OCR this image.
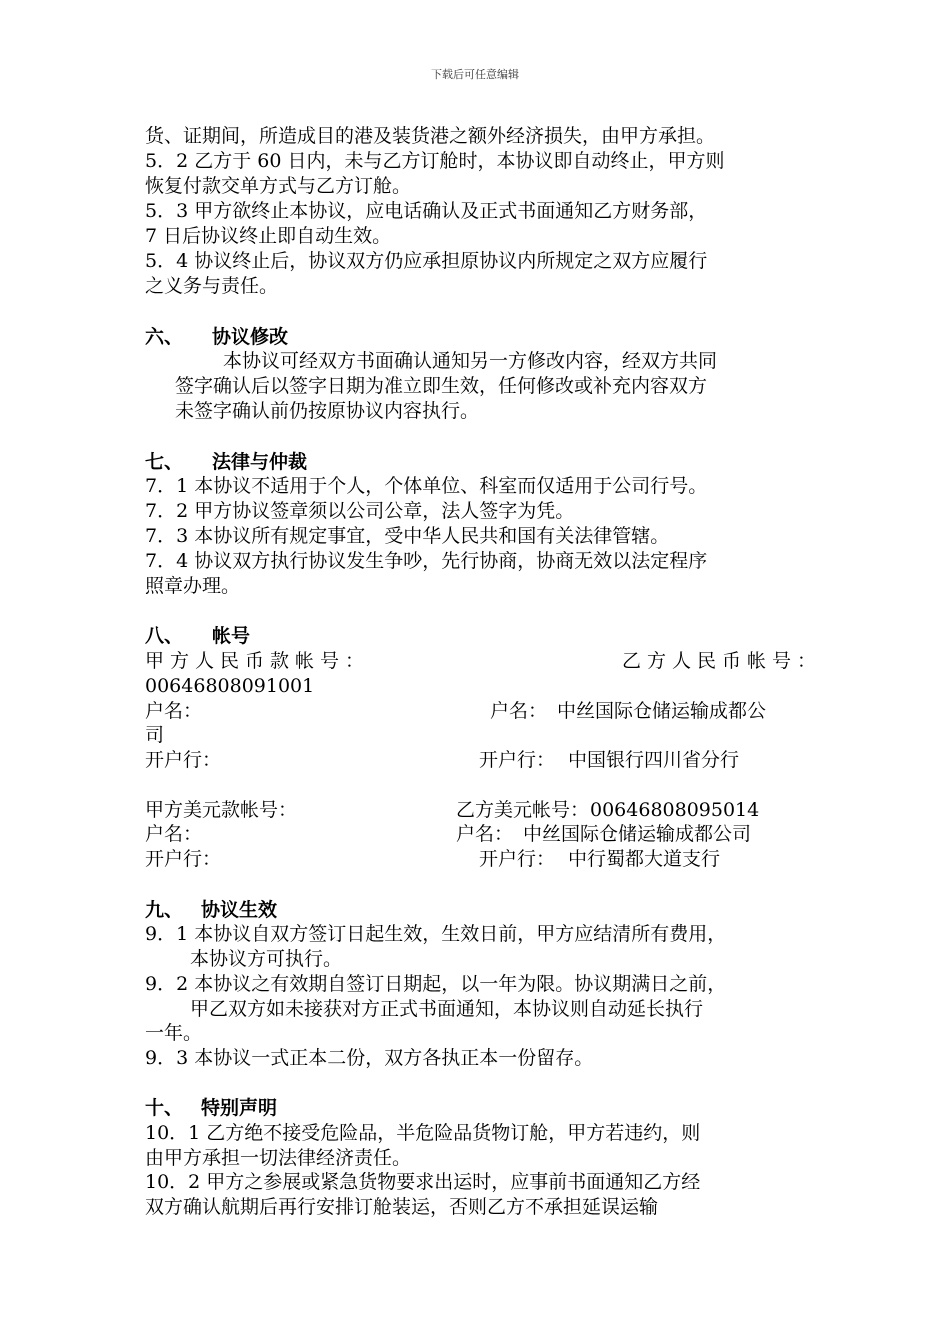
下载后可任意编辑
货、证期间，所造成目的港及装货港之额外经济损失，由甲方承担。
5．2 乙方于 60 日内，未与乙方订舱时，本协议即自动终止，甲方则
恢复付款交单方式与乙方订舱。
5．3 甲方欲终止本协议，应电话确认及正式书面通知乙方财务部，
7 日后协议终止即自动生效。
5．4 协议终止后，协议双方仍应承担原协议内所规定之双方应履行
之义务与责任。
六、 协议修改
本协议可经双方书面确认通知另一方修改内容，经双方共同
签字确认后以签字日期为准立即生效，任何修改或补充内容双方
未签字确认前仍按原协议内容执行。
七、 法律与仲裁
7．1 本协议不适用于个人，个体单位、科室而仅适用于公司行号。
7．2 甲方协议签章须以公司公章，法人签字为凭。
7．3 本协议所有规定事宜，受中华人民共和国有关法律管辖。
7．4 协议双方执行协议发生争吵，先行协商，协商无效以法定程序
照章办理。
八、 帐号
甲方人民币款帐号：	乙方人民币帐号：
00646808091001
户名：	户名： 中丝国际仓储运输成都公
司
开户行：	开户行： 中国银行四川省分行
甲方美元款帐号：	乙方美元帐号： 00646808095014
户名：	户名： 中丝国际仓储运输成都公司
开户行：	开户行： 中行蜀都大道支行
九、 协议生效
9．1 本协议自双方签订日起生效，生效日前，甲方应结清所有费用，
本协议方可执行。
9．2 本协议之有效期自签订日期起，以一年为限。协议期满日之前，
甲乙双方如未接获对方正式书面通知，本协议则自动延长执行
一年。
9．3 本协议一式正本二份，双方各执正本一份留存。
十、 特别声明
10．1 乙方绝不接受危险品，半危险品货物订舱，甲方若违约，则
由甲方承担一切法律经济责任。
10．2 甲方之参展或紧急货物要求出运时，应事前书面通知乙方经
双方确认航期后再行安排订舱装运，否则乙方不承担延误运输
